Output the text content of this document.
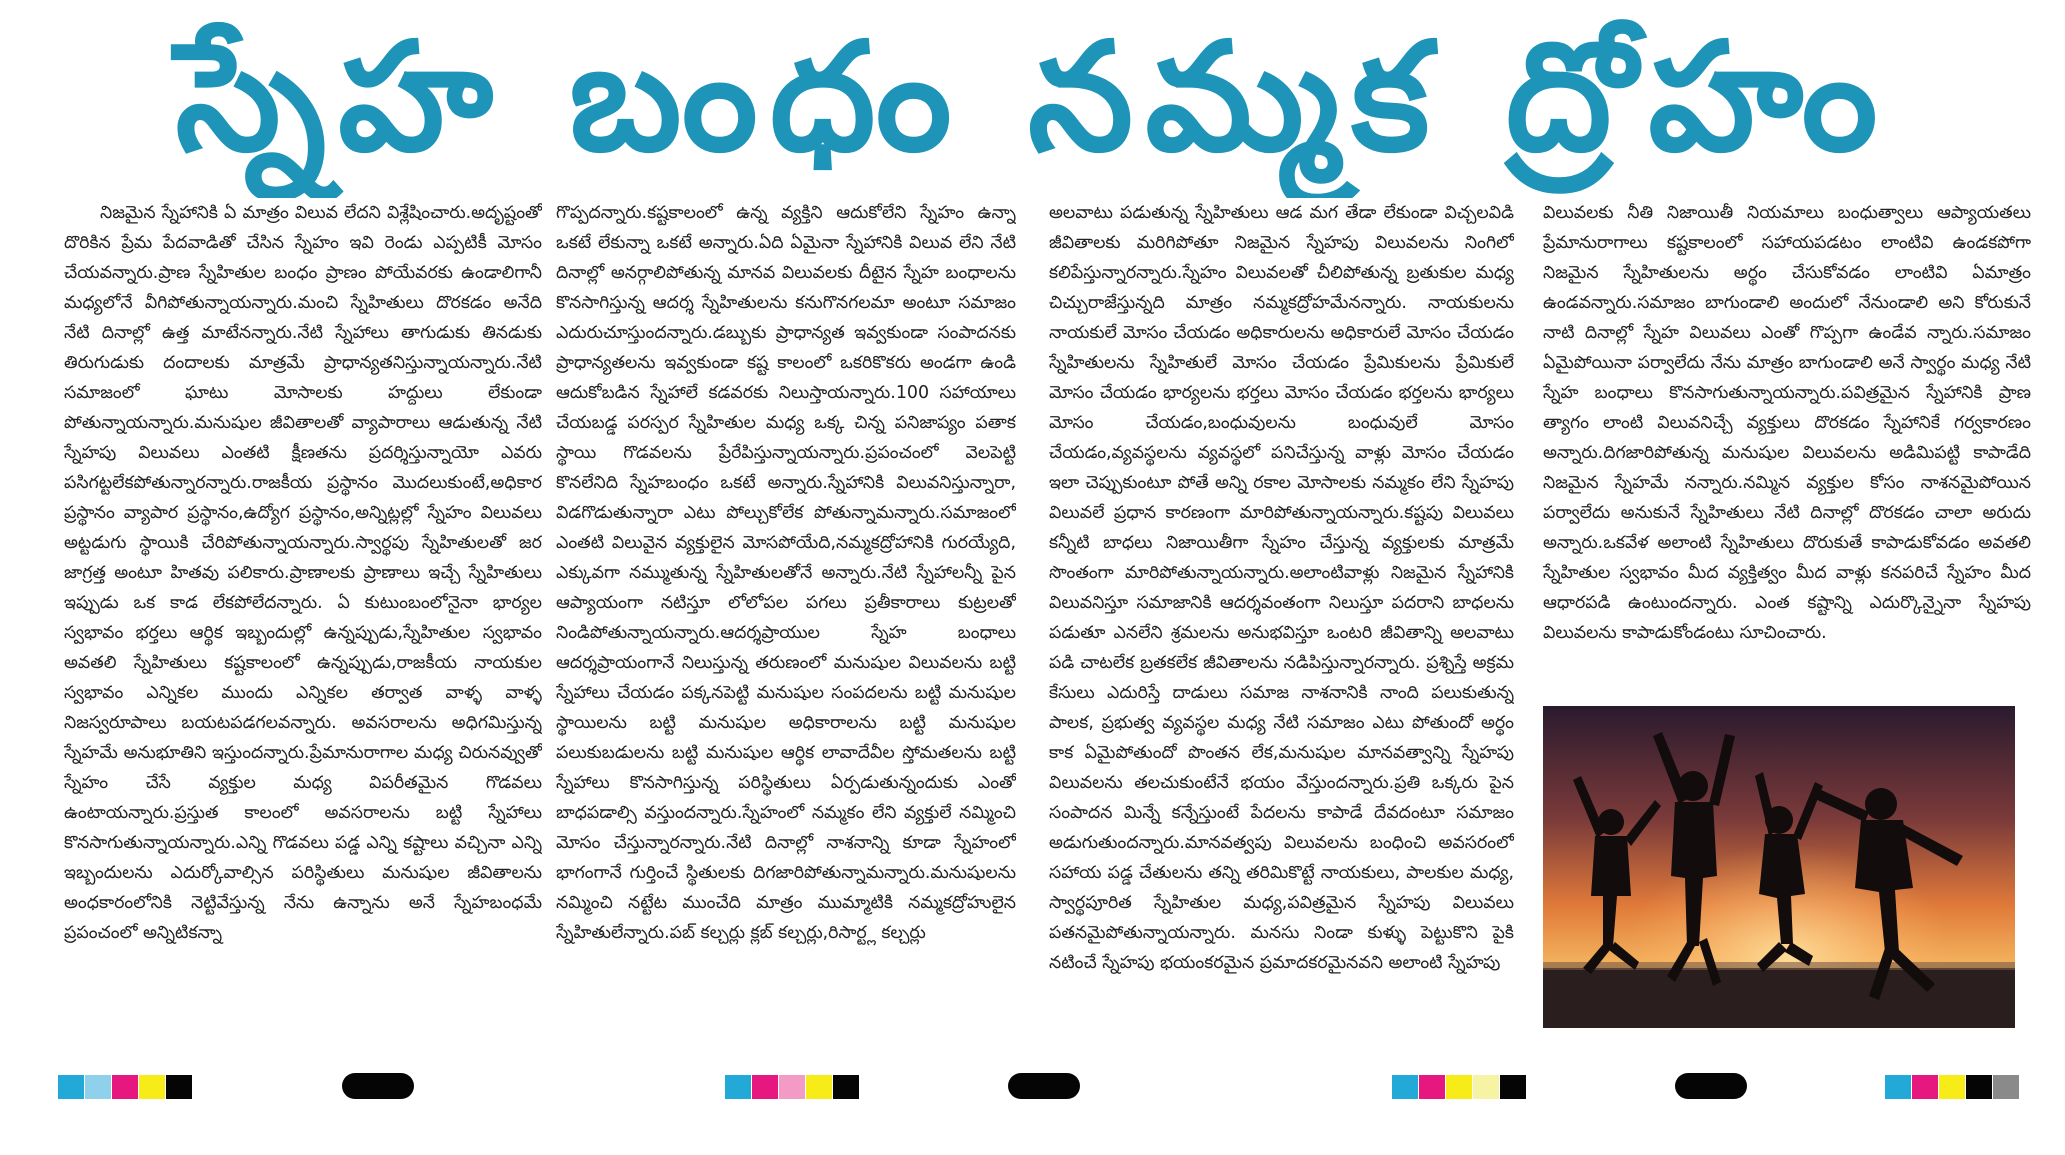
స్నేహ బంధం నమ్మక ద్రోహం

నిజమైన స్నేహానికి ఏ మాత్రం విలువ లేదని విశ్లేషించారు.అదృష్టంతో దొరికిన ప్రేమ పేదవాడితో చేసిన స్నేహం ఇవి రెండు ఎప్పటికీ మోసం చేయవన్నారు.ప్రాణ స్నేహితుల బంధం ప్రాణం పోయేవరకు ఉండాలిగానీ మధ్యలోనే వీగిపోతున్నాయన్నారు.మంచి స్నేహితులు దొరకడం అనేది నేటి దినాల్లో ఉత్త మాటేనన్నారు.నేటి స్నేహాలు తాగుడుకు తినడుకు తిరుగుడుకు దందాలకు మాత్రమే ప్రాధాన్యతనిస్తున్నాయన్నారు.నేటి సమాజంలో ఘాటు మోసాలకు హద్దులు లేకుండా పోతున్నాయన్నారు.మనుషుల జీవితాలతో వ్యాపారాలు ఆడుతున్న నేటి స్నేహపు విలువలు ఎంతటి క్షీణతను ప్రదర్శిస్తున్నాయో ఎవరు పసిగట్టలేకపోతున్నారన్నారు.రాజకీయ ప్రస్థానం మొదలుకుంటే,అధికార ప్రస్థానం వ్యాపార ప్రస్థానం,ఉద్యోగ ప్రస్థానం,అన్నిట్లల్లో స్నేహం విలువలు అట్టడుగు స్థాయికి చేరిపోతున్నాయన్నారు.స్వార్థపు స్నేహితులతో జర జాగ్రత్త అంటూ హితవు పలికారు.ప్రాణాలకు ప్రాణాలు ఇచ్చే స్నేహితులు ఇప్పుడు ఒక కాడ లేకపోలేదన్నారు. ఏ కుటుంబంలోనైనా భార్యల స్వభావం భర్తలు ఆర్థిక ఇబ్బందుల్లో ఉన్నప్పుడు,స్నేహితుల స్వభావం అవతలి స్నేహితులు కష్టకాలంలో ఉన్నప్పుడు,రాజకీయ నాయకుల స్వభావం ఎన్నికల ముందు ఎన్నికల తర్వాత వాళ్ళ వాళ్ళ నిజస్వరూపాలు బయటపడగలవన్నారు. అవసరాలను అధిగమిస్తున్న స్నేహమే అనుభూతిని ఇస్తుందన్నారు.ప్రేమానురాగాల మధ్య చిరునవ్వుతో స్నేహం చేసే వ్యక్తుల మధ్య విపరీతమైన గొడవలు ఉంటాయన్నారు.ప్రస్తుత కాలంలో అవసరాలను బట్టి స్నేహాలు కొనసాగుతున్నాయన్నారు.ఎన్ని గొడవలు పడ్డ ఎన్ని కష్టాలు వచ్చినా ఎన్ని ఇబ్బందులను ఎదుర్కోవాల్సిన పరిస్థితులు మనుషుల జీవితాలను అంధకారంలోనికి నెట్టివేస్తున్న నేను ఉన్నాను అనే స్నేహబంధమే ప్రపంచంలో అన్నిటికన్నా

గొప్పదన్నారు.కష్టకాలంలో ఉన్న వ్యక్తిని ఆదుకోలేని స్నేహం ఉన్నా ఒకటే లేకున్నా ఒకటే అన్నారు.ఏది ఏమైనా స్నేహానికి విలువ లేని నేటి దినాల్లో అనర్గాలిపోతున్న మానవ విలువలకు దీటైన స్నేహ బంధాలను కొనసాగిస్తున్న ఆదర్శ స్నేహితులను కనుగొనగలమా అంటూ సమాజం ఎదురుచూస్తుందన్నారు.డబ్బుకు ప్రాధాన్యత ఇవ్వకుండా సంపాదనకు ప్రాధాన్యతలను ఇవ్వకుండా కష్ట కాలంలో ఒకరికొకరు అండగా ఉండి ఆదుకోబడిన స్నేహాలే కడవరకు నిలుస్తాయన్నారు.100 సహాయాలు చేయబడ్డ పరస్పర స్నేహితుల మధ్య ఒక్క చిన్న పనిజాప్యం పతాక స్థాయి గొడవలను ప్రేరేపిస్తున్నాయన్నారు.ప్రపంచంలో వెలపెట్టి కొనలేనిది స్నేహబంధం ఒకటే అన్నారు.స్నేహానికి విలువనిస్తున్నారా, విడగొడుతున్నారా ఎటు పోల్చుకోలేక పోతున్నామన్నారు.సమాజంలో ఎంతటి విలువైన వ్యక్తులైన మోసపోయేది,నమ్మకద్రోహానికి గురయ్యేది, ఎక్కువగా నమ్ముతున్న స్నేహితులతోనే అన్నారు.నేటి స్నేహాలన్నీ పైన ఆప్యాయంగా నటిస్తూ లోలోపల పగలు ప్రతీకారాలు కుట్రలతో నిండిపోతున్నాయన్నారు.ఆదర్శప్రాయుల స్నేహ బంధాలు ఆదర్శప్రాయంగానే నిలుస్తున్న తరుణంలో మనుషుల విలువలను బట్టి స్నేహాలు చేయడం పక్కనపెట్టి మనుషుల సంపదలను బట్టి మనుషుల స్థాయిలను బట్టి మనుషుల అధికారాలను బట్టి మనుషుల పలుకుబడులను బట్టి మనుషుల ఆర్థిక లావాదేవీల స్తోమతలను బట్టి స్నేహాలు కొనసాగిస్తున్న పరిస్థితులు ఏర్పడుతున్నందుకు ఎంతో బాధపడాల్సి వస్తుందన్నారు.స్నేహంలో నమ్మకం లేని వ్యక్తులే నమ్మించి మోసం చేస్తున్నారన్నారు.నేటి దినాల్లో నాశనాన్ని కూడా స్నేహంలో భాగంగానే గుర్తించే స్థితులకు దిగజారిపోతున్నామన్నారు.మనుషులను నమ్మించి నట్టేట ముంచేది మాత్రం ముమ్మాటికి నమ్మకద్రోహులైన స్నేహితులేన్నారు.పబ్ కల్చర్లు క్లబ్ కల్చర్లు,రిసార్ట్ల కల్చర్లు

అలవాటు పడుతున్న స్నేహితులు ఆడ మగ తేడా లేకుండా విచ్చలవిడి జీవితాలకు మరిగిపోతూ నిజమైన స్నేహపు విలువలను నింగిలో కలిపేస్తున్నారన్నారు.స్నేహం విలువలతో చీలిపోతున్న బ్రతుకుల మధ్య చిచ్చురాజేస్తున్నది మాత్రం నమ్మకద్రోహమేనన్నారు. నాయకులను నాయకులే మోసం చేయడం అధికారులను అధికారులే మోసం చేయడం స్నేహితులను స్నేహితులే మోసం చేయడం ప్రేమికులను ప్రేమికులే మోసం చేయడం భార్యలను భర్తలు మోసం చేయడం భర్తలను భార్యలు మోసం చేయడం,బంధువులను బంధువులే మోసం చేయడం,వ్యవస్థలను వ్యవస్థలో పనిచేస్తున్న వాళ్లు మోసం చేయడం ఇలా చెప్పుకుంటూ పోతే అన్ని రకాల మోసాలకు నమ్మకం లేని స్నేహపు విలువలే ప్రధాన కారణంగా మారిపోతున్నాయన్నారు.కష్టపు విలువలు కన్నీటి బాధలు నిజాయితీగా స్నేహం చేస్తున్న వ్యక్తులకు మాత్రమే సొంతంగా మారిపోతున్నాయన్నారు.అలాంటివాళ్లు నిజమైన స్నేహానికి విలువనిస్తూ సమాజానికి ఆదర్శవంతంగా నిలుస్తూ పదరాని బాధలను పడుతూ ఎనలేని శ్రమలను అనుభవిస్తూ ఒంటరి జీవితాన్ని అలవాటు పడి చాటలేక బ్రతకలేక జీవితాలను నడిపిస్తున్నారన్నారు. ప్రశ్నిస్తే అక్రమ కేసులు ఎదురిస్తే దాడులు సమాజ నాశనానికి నాంది పలుకుతున్న పాలక, ప్రభుత్వ వ్యవస్థల మధ్య నేటి సమాజం ఎటు పోతుందో అర్థం కాక ఏమైపోతుందో పొంతన లేక,మనుషుల మానవత్వాన్ని స్నేహపు విలువలను తలచుకుంటేనే భయం వేస్తుందన్నారు.ప్రతి ఒక్కరు పైన సంపాదన మిన్నే కన్నేస్తుంటే పేదలను కాపాడే దేవదంటూ సమాజం అడుగుతుందన్నారు.మానవత్వపు విలువలను బంధించి అవసరంలో సహాయ పడ్డ చేతులను తన్ని తరిమికొట్టే నాయకులు, పాలకుల మధ్య, స్వార్థపూరిత స్నేహితుల మధ్య,పవిత్రమైన స్నేహపు విలువలు పతనమైపోతున్నాయన్నారు. మనసు నిండా కుళ్ళు పెట్టుకొని పైకి నటించే స్నేహపు భయంకరమైన ప్రమాదకరమైనవని అలాంటి స్నేహపు

విలువలకు నీతి నిజాయితీ నియమాలు బంధుత్వాలు ఆప్యాయతలు ప్రేమానురాగాలు కష్టకాలంలో సహాయపడటం లాంటివి ఉండకపోగా నిజమైన స్నేహితులను అర్థం చేసుకోవడం లాంటివి ఏమాత్రం ఉండవన్నారు.సమాజం బాగుండాలి అందులో నేనుండాలి అని కోరుకునే నాటి దినాల్లో స్నేహ విలువలు ఎంతో గొప్పగా ఉండేవ న్నారు.సమాజం ఏమైపోయినా పర్వాలేదు నేను మాత్రం బాగుండాలి అనే స్వార్థం మధ్య నేటి స్నేహ బంధాలు కొనసాగుతున్నాయన్నారు.పవిత్రమైన స్నేహానికి ప్రాణ త్యాగం లాంటి విలువనిచ్చే వ్యక్తులు దొరకడం స్నేహానికే గర్వకారణం అన్నారు.దిగజారిపోతున్న మనుషుల విలువలను అడిమిపట్టి కాపాడేది నిజమైన స్నేహమే నన్నారు.నమ్మిన వ్యక్తుల కోసం నాశనమైపోయిన పర్వాలేదు అనుకునే స్నేహితులు నేటి దినాల్లో దొరకడం చాలా అరుదు అన్నారు.ఒకవేళ అలాంటి స్నేహితులు దొరుకుతే కాపాడుకోవడం అవతలి స్నేహితుల స్వభావం మీద వ్యక్తిత్వం మీద వాళ్లు కనపరిచే స్నేహం మీద ఆధారపడి ఉంటుందన్నారు. ఎంత కష్టాన్ని ఎదుర్కొన్నైనా స్నేహపు విలువలను కాపాడుకోండంటు సూచించారు.
